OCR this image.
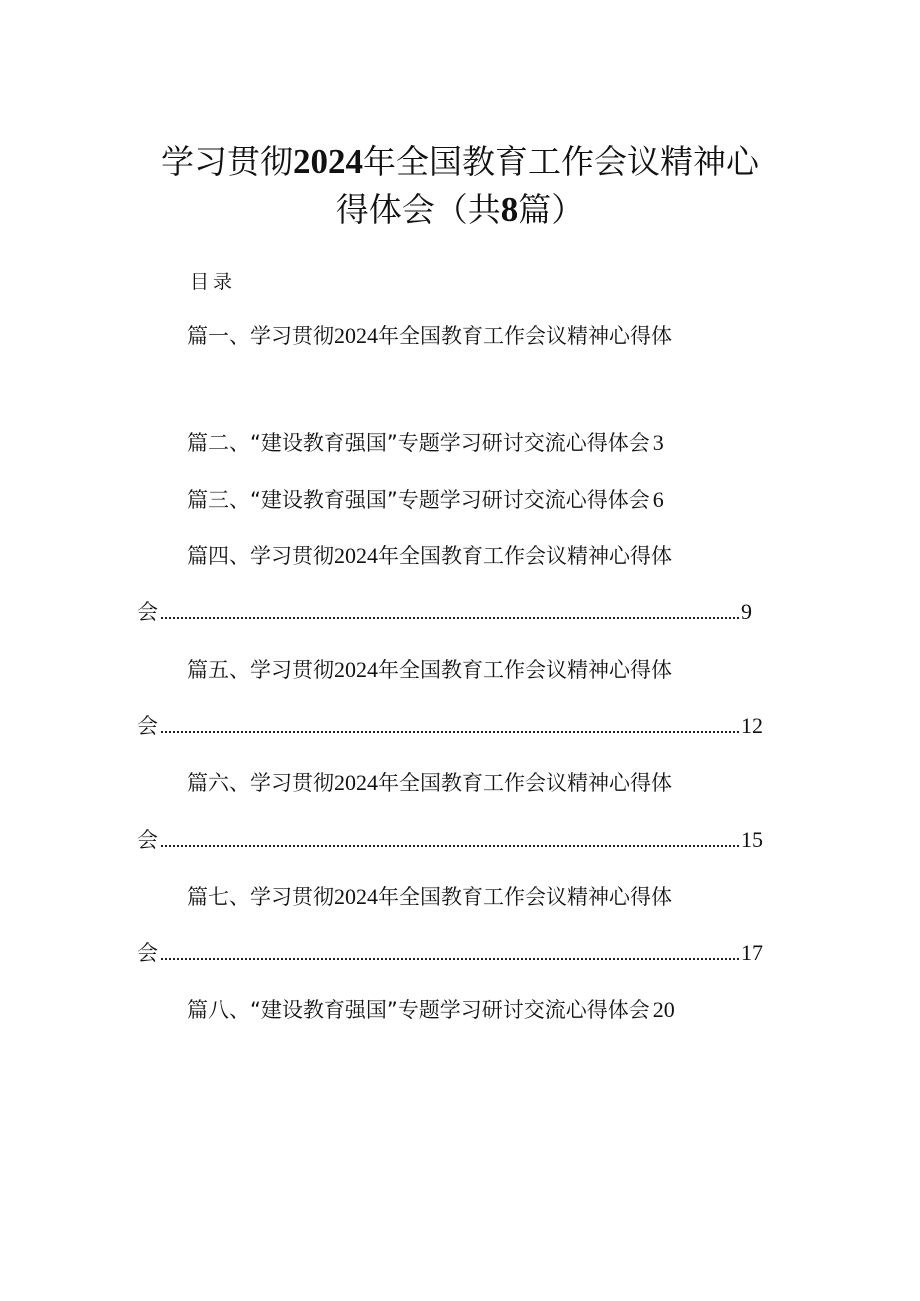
学习贯彻2024年全国教育工作会议精神心
得体会（共8篇）
目录
篇一、学习贯彻2024年全国教育工作会议精神心得体
篇二、“建设教育强国”专题学习研讨交流心得体会 3
篇三、“建设教育强国”专题学习研讨交流心得体会 6
篇四、学习贯彻2024年全国教育工作会议精神心得体
会	9
篇五、学习贯彻2024年全国教育工作会议精神心得体
会	12
篇六、学习贯彻2024年全国教育工作会议精神心得体
会	15
篇七、学习贯彻2024年全国教育工作会议精神心得体
会	17
篇八、“建设教育强国”专题学习研讨交流心得体会 20
